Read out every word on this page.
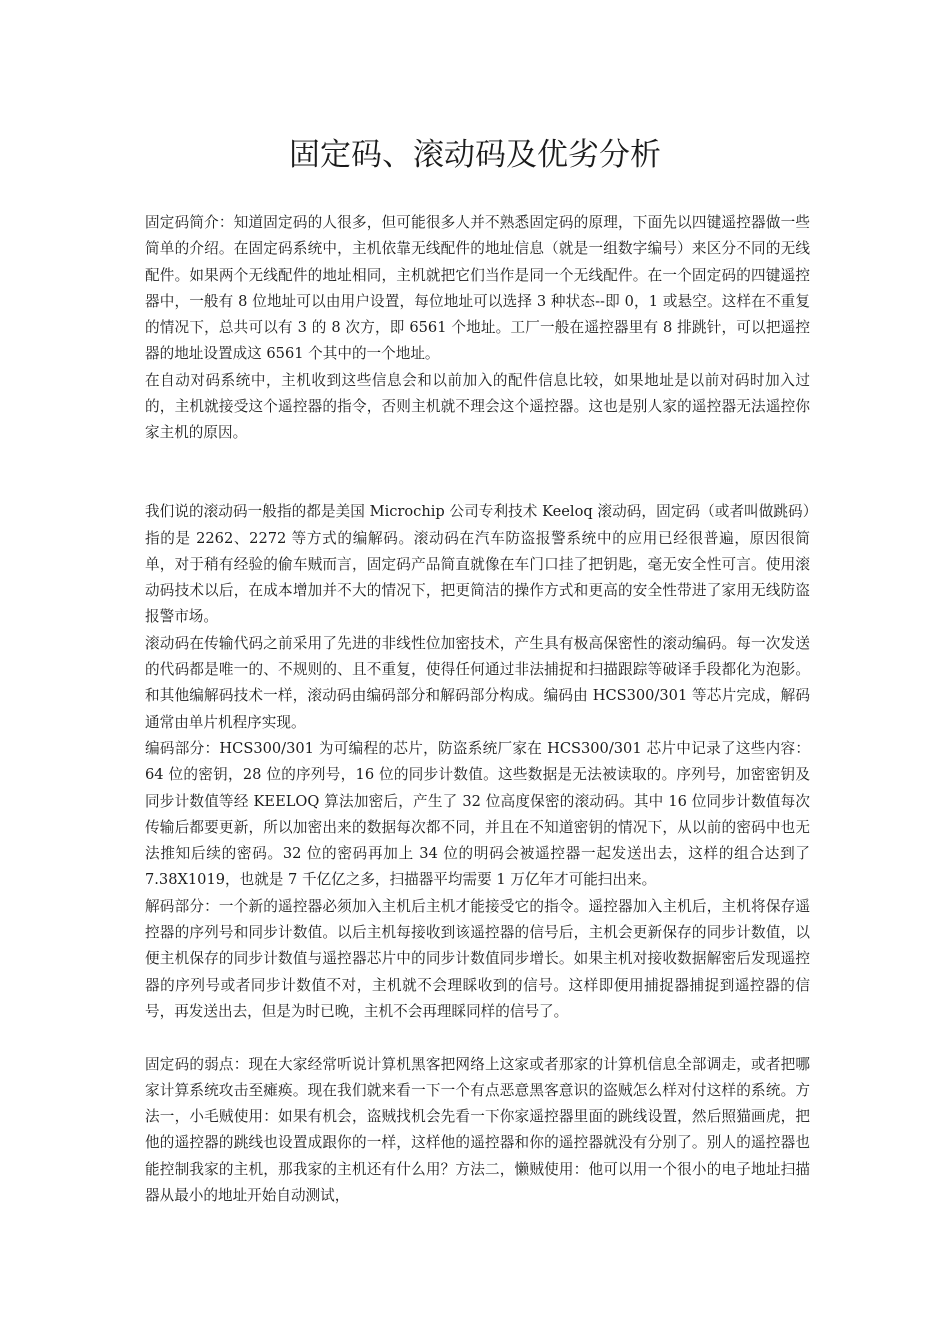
固定码、滚动码及优劣分析

固定码简介：知道固定码的人很多，但可能很多人并不熟悉固定码的原理，下面先以四键遥控器做一些简单的介绍。在固定码系统中，主机依靠无线配件的地址信息（就是一组数字编号）来区分不同的无线配件。如果两个无线配件的地址相同，主机就把它们当作是同一个无线配件。在一个固定码的四键遥控器中，一般有 8 位地址可以由用户设置，每位地址可以选择 3 种状态--即 0，1 或悬空。这样在不重复的情况下，总共可以有 3 的 8 次方，即 6561 个地址。工厂一般在遥控器里有 8 排跳针，可以把遥控器的地址设置成这 6561 个其中的一个地址。

在自动对码系统中，主机收到这些信息会和以前加入的配件信息比较，如果地址是以前对码时加入过的，主机就接受这个遥控器的指令，否则主机就不理会这个遥控器。这也是别人家的遥控器无法遥控你家主机的原因。

我们说的滚动码一般指的都是美国 Microchip 公司专利技术 Keeloq 滚动码，固定码（或者叫做跳码）指的是 2262、2272 等方式的编解码。滚动码在汽车防盗报警系统中的应用已经很普遍，原因很简单，对于稍有经验的偷车贼而言，固定码产品简直就像在车门口挂了把钥匙，毫无安全性可言。使用滚动码技术以后，在成本增加并不大的情况下，把更简洁的操作方式和更高的安全性带进了家用无线防盗报警市场。

滚动码在传输代码之前采用了先进的非线性位加密技术，产生具有极高保密性的滚动编码。每一次发送的代码都是唯一的、不规则的、且不重复，使得任何通过非法捕捉和扫描跟踪等破译手段都化为泡影。和其他编解码技术一样，滚动码由编码部分和解码部分构成。编码由 HCS300/301 等芯片完成，解码通常由单片机程序实现。

编码部分：HCS300/301 为可编程的芯片，防盗系统厂家在 HCS300/301 芯片中记录了这些内容：64 位的密钥，28 位的序列号，16 位的同步计数值。这些数据是无法被读取的。序列号，加密密钥及同步计数值等经 KEELOQ 算法加密后，产生了 32 位高度保密的滚动码。其中 16 位同步计数值每次传输后都要更新，所以加密出来的数据每次都不同，并且在不知道密钥的情况下，从以前的密码中也无法推知后续的密码。32 位的密码再加上 34 位的明码会被遥控器一起发送出去，这样的组合达到了 7.38X1019，也就是 7 千亿亿之多，扫描器平均需要 1 万亿年才可能扫出来。

解码部分：一个新的遥控器必须加入主机后主机才能接受它的指令。遥控器加入主机后，主机将保存遥控器的序列号和同步计数值。以后主机每接收到该遥控器的信号后，主机会更新保存的同步计数值，以便主机保存的同步计数值与遥控器芯片中的同步计数值同步增长。如果主机对接收数据解密后发现遥控器的序列号或者同步计数值不对，主机就不会理睬收到的信号。这样即便用捕捉器捕捉到遥控器的信号，再发送出去，但是为时已晚，主机不会再理睬同样的信号了。

固定码的弱点：现在大家经常听说计算机黑客把网络上这家或者那家的计算机信息全部调走，或者把哪家计算系统攻击至瘫痪。现在我们就来看一下一个有点恶意黑客意识的盗贼怎么样对付这样的系统。方法一，小毛贼使用：如果有机会，盗贼找机会先看一下你家遥控器里面的跳线设置，然后照猫画虎，把他的遥控器的跳线也设置成跟你的一样，这样他的遥控器和你的遥控器就没有分别了。别人的遥控器也能控制我家的主机，那我家的主机还有什么用？方法二，懒贼使用：他可以用一个很小的电子地址扫描器从最小的地址开始自动测试，
